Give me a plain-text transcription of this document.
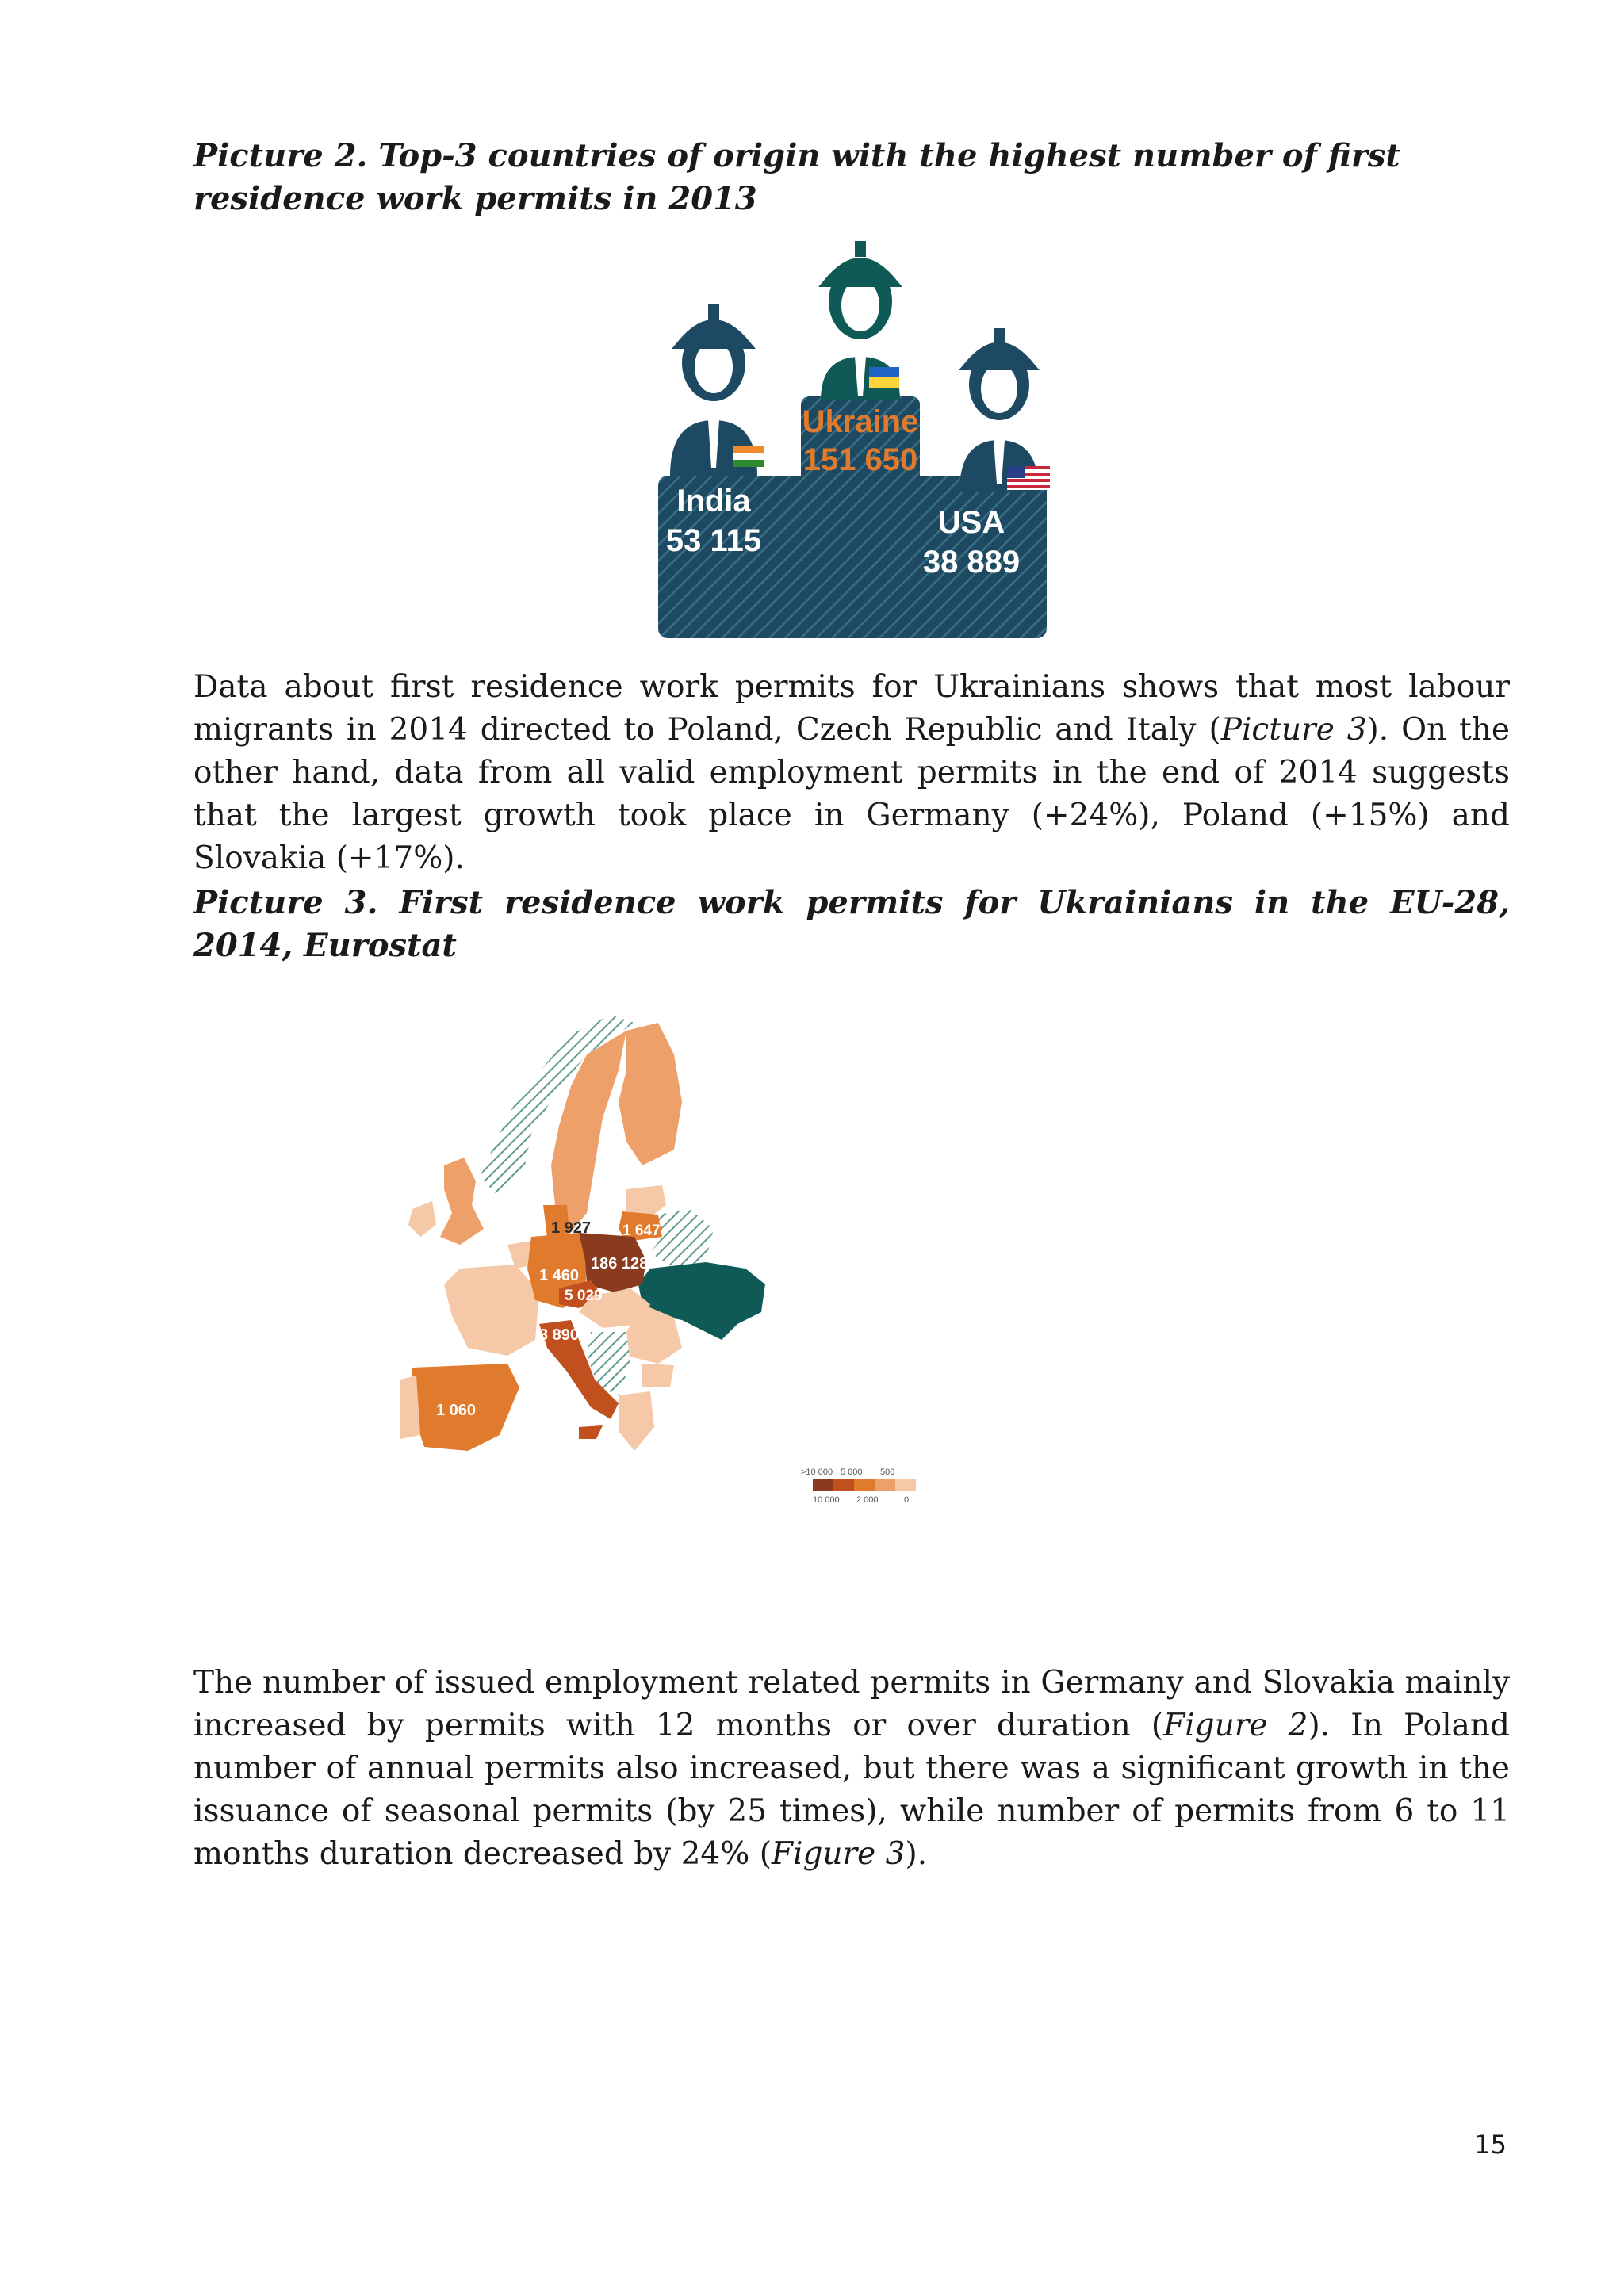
Picture 2. Top-3 countries of origin with the highest number of first residence work permits in 2013

Ukraine
151 650
India
53 115
USA
38 889

Data about first residence work permits for Ukrainians shows that most labour migrants in 2014 directed to Poland, Czech Republic and Italy (Picture 3). On the other hand, data from all valid employment permits in the end of 2014 suggests that the largest growth took place in Germany (+24%), Poland (+15%) and Slovakia (+17%).

Picture 3. First residence work permits for Ukrainians in the EU-28, 2014, Eurostat

1 927 1 647
186 128
1 460
5 029
3 890
1 060
>10 000 5 000 500
10 000 2 000	0

The number of issued employment related permits in Germany and Slovakia mainly increased by permits with 12 months or over duration (Figure 2). In Poland number of annual permits also increased, but there was a significant growth in the issuance of seasonal permits (by 25 times), while number of permits from 6 to 11 months duration decreased by 24% (Figure 3).

15
